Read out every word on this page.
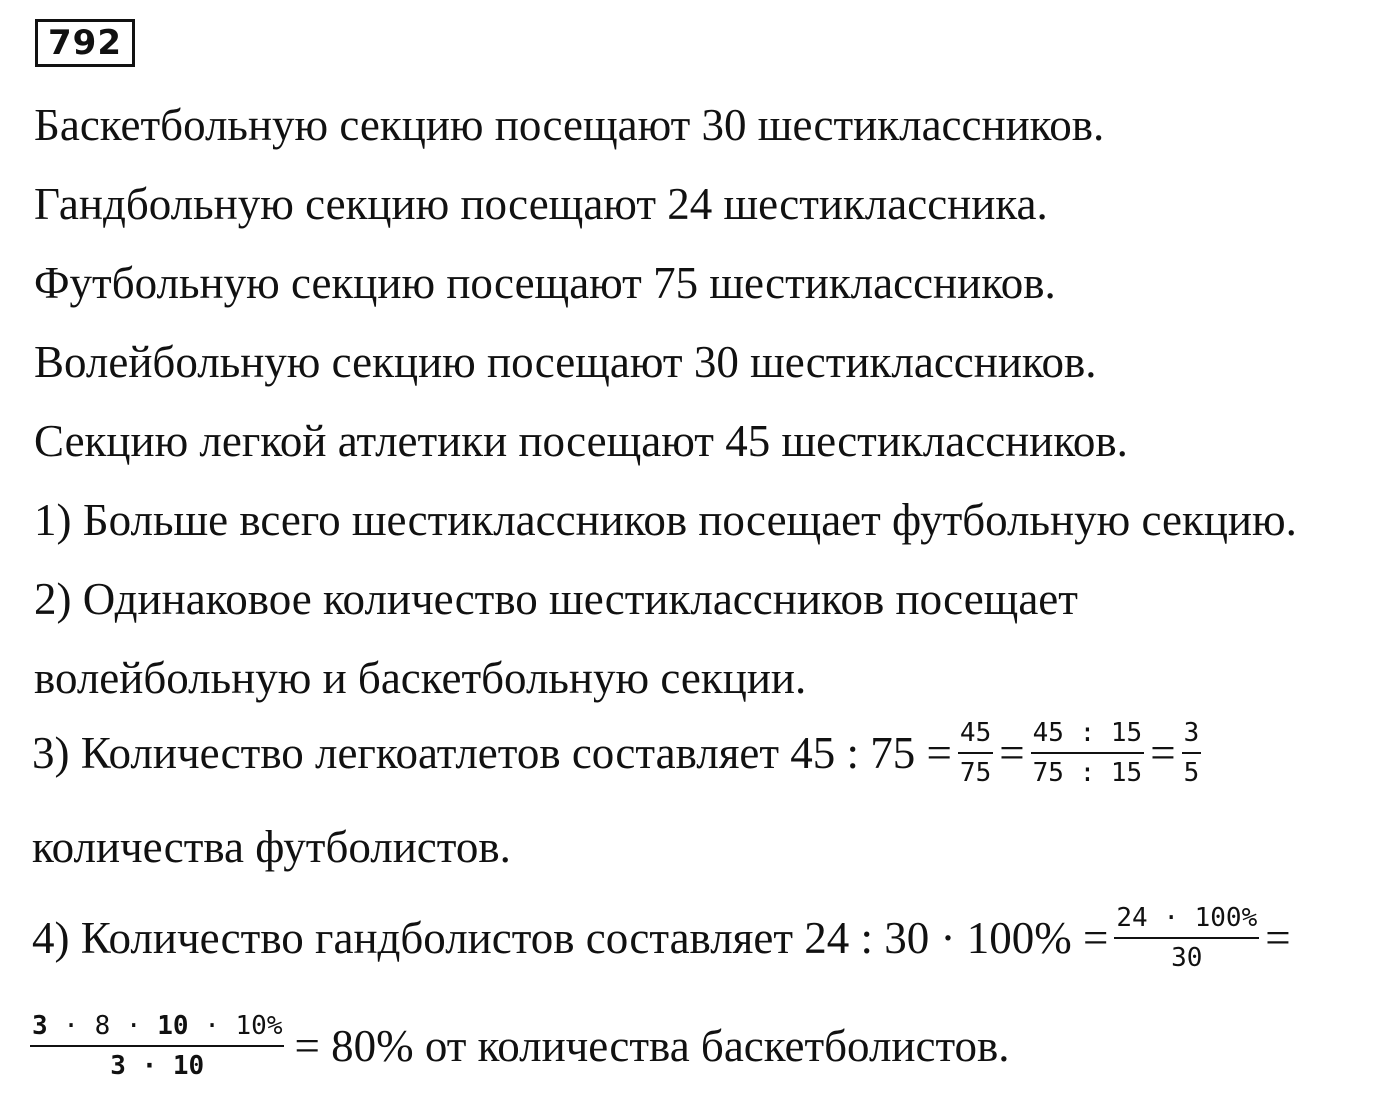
792
Баскетбольную секцию посещают 30 шестиклассников.
Гандбольную секцию посещают 24 шестиклассника.
Футбольную секцию посещают 75 шестиклассников.
Волейбольную секцию посещают 30 шестиклассников.
Секцию легкой атлетики посещают 45 шестиклассников.
1) Больше всего шестиклассников посещает футбольную секцию.
2) Одинаковое количество шестиклассников посещает
волейбольную и баскетбольную секции.
3) Количество легкоатлетов составляет 45 : $75 = \frac{45}{75} = \frac{45 : 15}{75 : 15} = \frac{3}{5}$
количества футболистов.
4) Количество гандболистов составляет 24 : $30 \cdot 100\% = \frac{24 \cdot 100\%}{30}$ =
$\frac{3 \cdot 8 \cdot 10 \cdot 10\%}{3 \cdot 10} = 80\%$ от количества баскетболистов.
